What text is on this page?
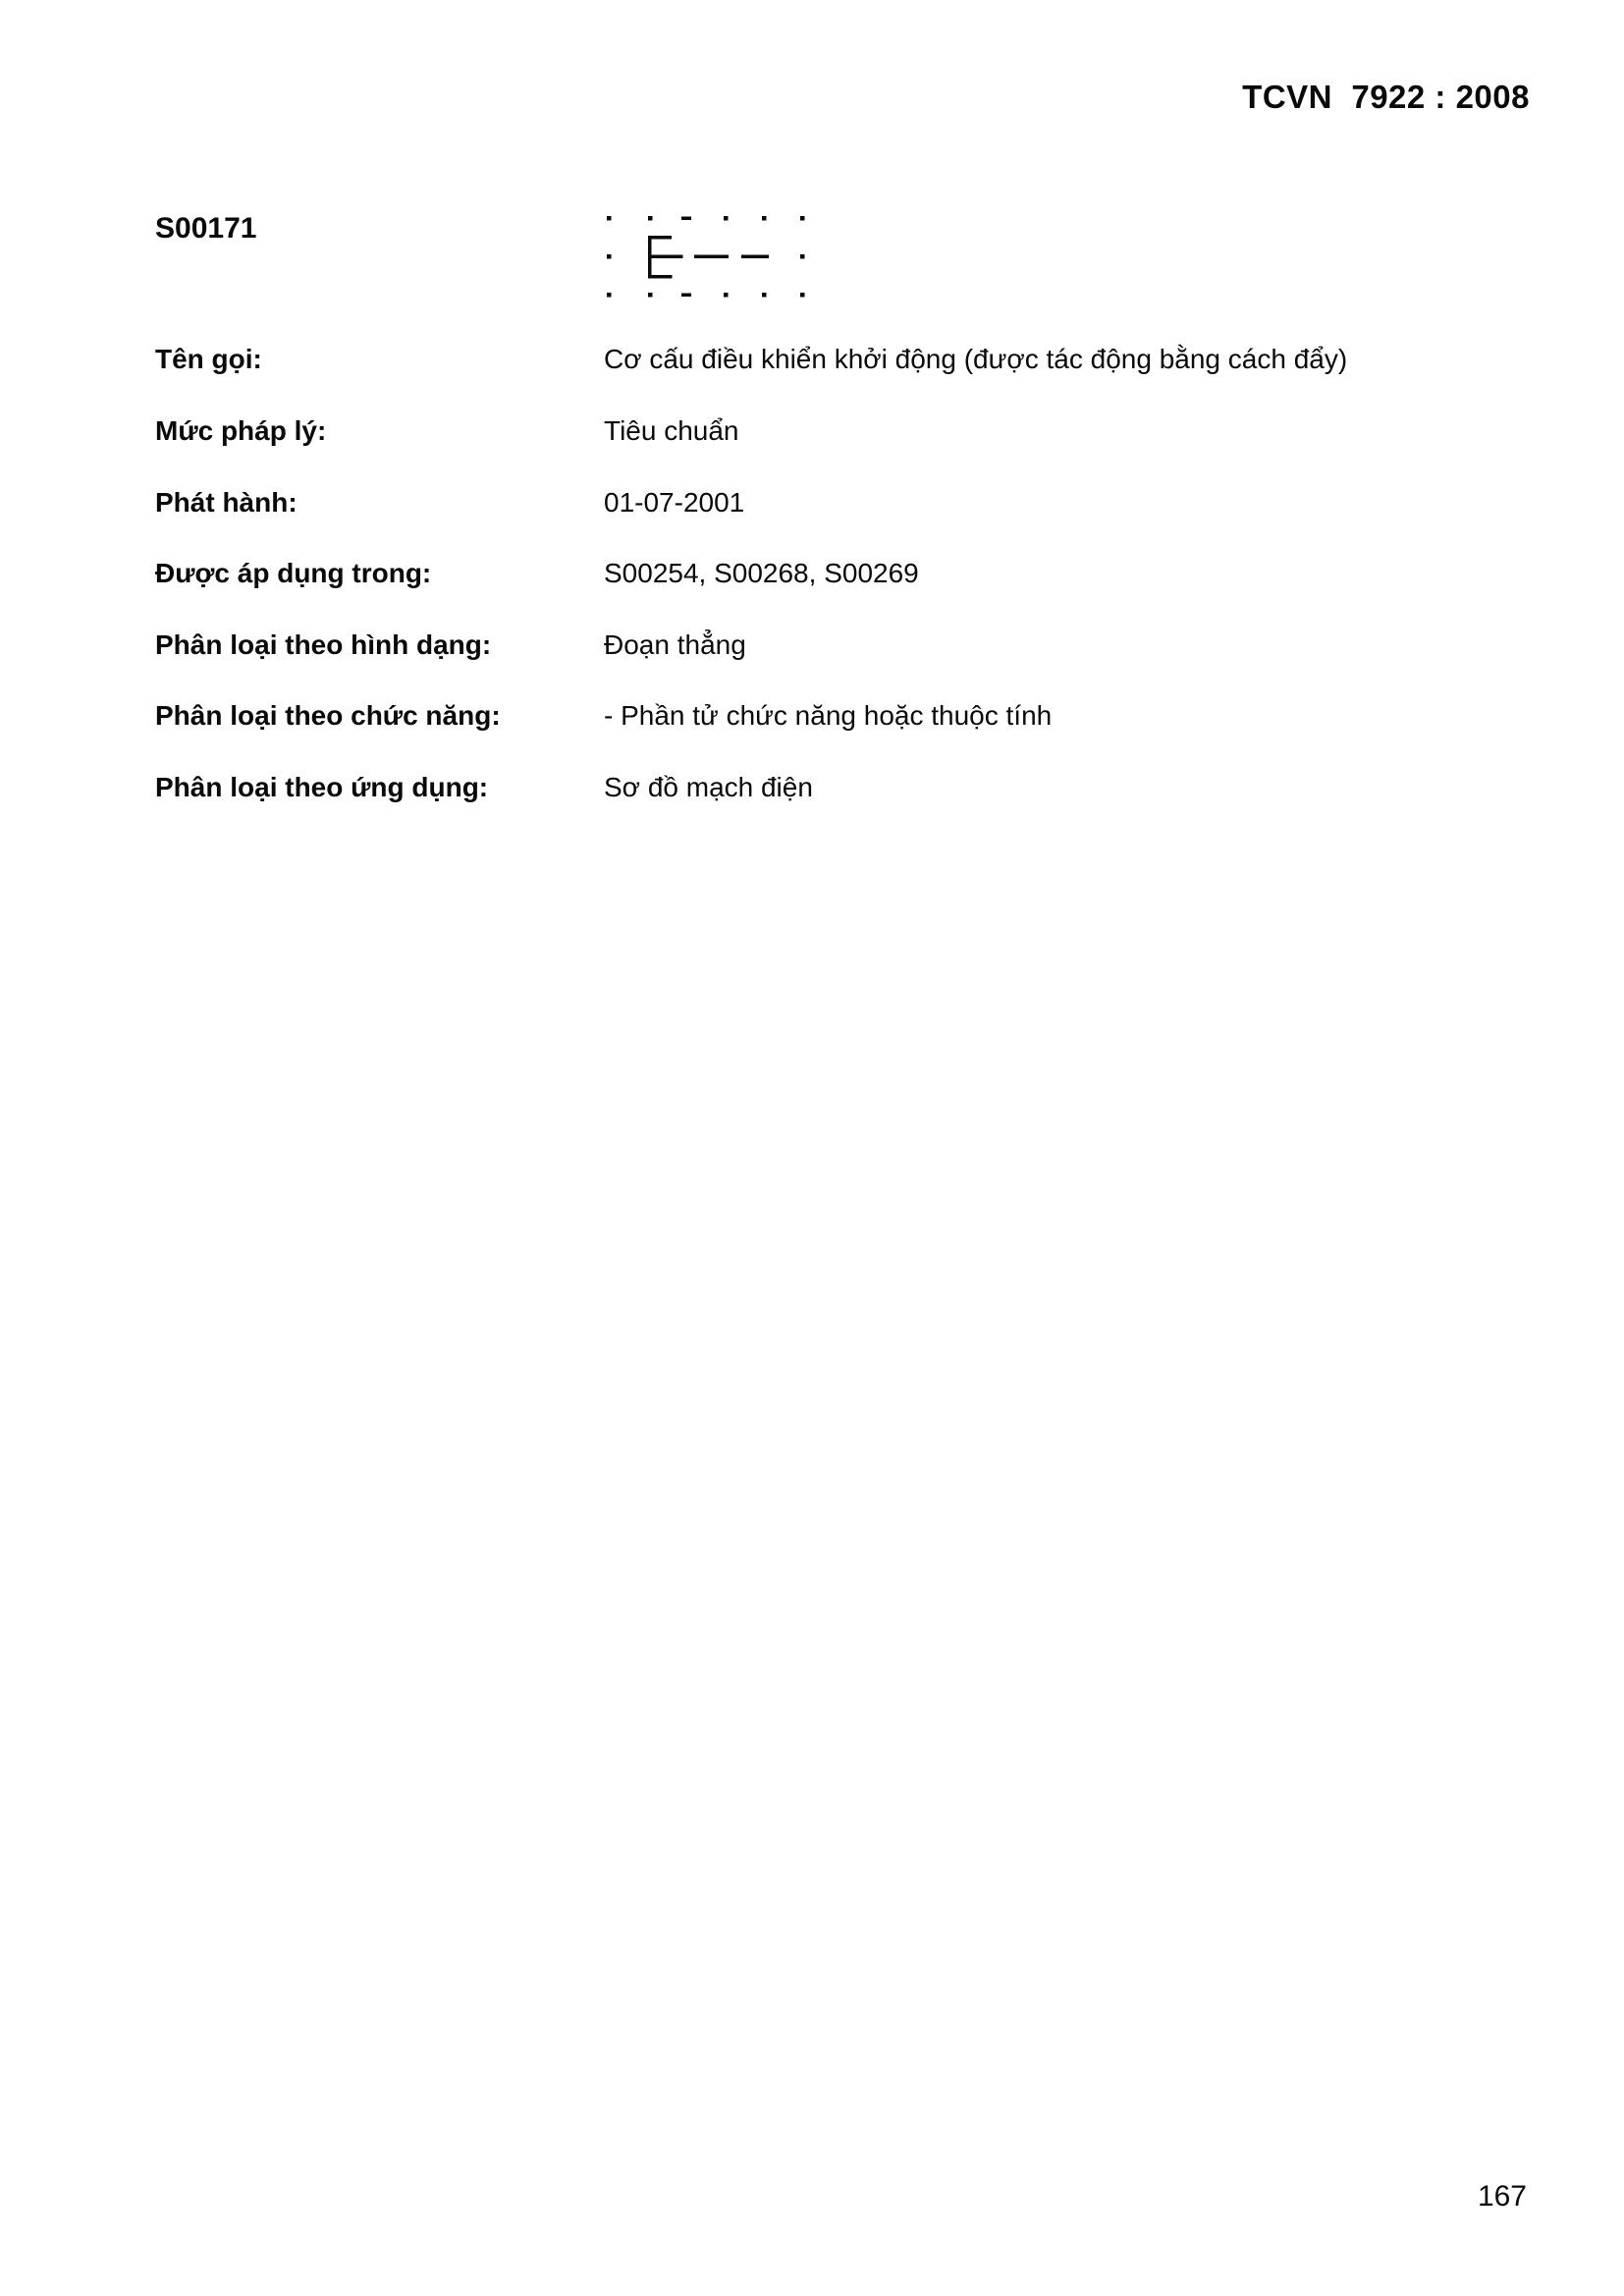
TCVN  7922 : 2008
S00171
Tên gọi:	Cơ cấu điều khiển khởi động (được tác động bằng cách đẩy)
Mức pháp lý:	Tiêu chuẩn
Phát hành:	01-07-2001
Được áp dụng trong:	S00254, S00268, S00269
Phân loại theo hình dạng:	Đoạn thẳng
Phân loại theo chức năng:	- Phần tử chức năng hoặc thuộc tính
Phân loại theo ứng dụng:	Sơ đồ mạch điện
167
